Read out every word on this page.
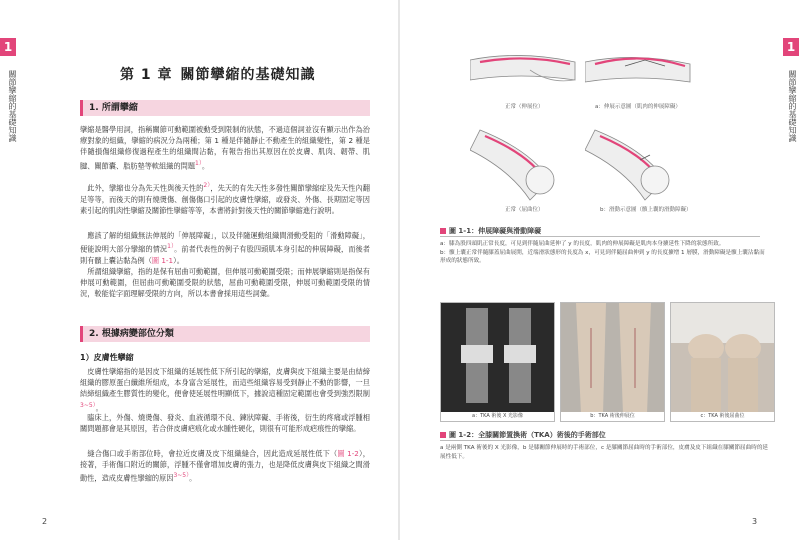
1
關節攣縮的基礎知識	第 1 章 關節攣縮的基礎知識
1. 所謂攣縮
攣縮是醫學用詞，指稱關節可動範圍被動受到限制的狀態，不過這個詞並沒有顯示出作為治療對象的組織，攣縮的病況分為兩種；第 1 種是伴隨靜止不動產生的組織變性，第 2 種是伴隨損傷組織修復過程產生的組織間沾黏，有報告指出其原因在於皮膚、肌肉、韌帶、肌腱、關節囊、脂肪墊等軟組織的問題$^{1)}$。
　此外，攣縮也分為先天性與後天性的$^{2)}$，先天的有先天性多發性關節攣縮症及先天性內翻足等等，而後天的則有燒燙傷、創傷傷口引起的皮膚性攣縮，或發炎、外傷、長期固定等因素引起的肌肉性攣縮及關節性攣縮等等，本書將針對後天性的關節攣縮進行說明。
　應該了解的組織無法伸展的「伸展障礙」，以及伴隨運動組織間滑動受阻的「滑動障礙」，便能說明大部分攣縮的情況$^{1)}$。前者代表性的例子有股四頭肌本身引起的伸展障礙，而後者則有髕上囊沾黏為例（圖 1-1）。
　所謂組織攣縮，指的是保有屈曲可動範圍，但伸展可動範圍受限；而伸展攣縮則是指保有伸展可動範圍，但屈曲可動範圍受限的狀態，屈曲可動範圍受限，伸展可動範圍受限的情況，較能從字面理解受限的方向，所以本書會採用這些詞彙。
2. 根據病變部位分類
1）皮膚性攣縮
　皮膚性攣縮指的是因皮下組織的延展性低下所引起的攣縮，皮膚與皮下組織主要是由結締組織的膠原蛋白纖維所組成，本身富含延展性，而這些組織容易受到靜止不動的影響，一旦結締組織產生膠質性的變化，便會使延展性明顯低下，據說這種固定範圍也會受到強烈限制$^{3\sim 5)}$。
　臨床上，外傷、燒燙傷、發炎、血液循環不良、鍊狀障礙、手術後，衍生的疼痛或浮腫相關問題都會是其原因，若合併皮膚疤痕化或水腫性硬化，則很有可能形成疤痕性的攣縮。
　縫合傷口或手術部位時，會拉近皮膚及皮下組織縫合，因此造成延展性低下（圖 1-2），接著，手術傷口附近的關節，浮腫不僅會增加皮膚的張力，也是降低皮膚與皮下組織之間滑動性，造成皮膚性攣縮的原因$^{3\sim 5)}$。
2
1
關節攣縮的基礎知識
正常（伸展位）	a：伸展示意圖（肌肉的伸展障礙）
正常（屈曲位）	b：滑動示意圖（髕上囊的滑動障礙）
圖 1-1：伸展障礙與滑動障礙
a：膝為股四頭肌正常長度，可見到伴隨屈曲延伸了 y 的長度，肌肉的伸展障礙是肌肉本身擴延性下降的狀態所致。
b：髕上囊正常伴隨膝蓋屈曲展開，近端滑狀態形的長度為 x，可見到伴隨屈曲伸到 y 的長度擴增 1 層膜，滑動障礙是髕上囊沾黏而形成的狀態所致。
a：TKA 術後 X 光影像	b：TKA 術後伸展位	c：TKA 術後屈曲位
圖 1-2：全膝關節置換術（TKA）術後的手術部位
a 是兩側 TKA 術後的 X 光影像，b 是膝關節伸展時的手術部位，c 是膝關節屈曲時的手術部位，皮膚及皮下組織在膝關節屈曲時的延展性低下。
3
